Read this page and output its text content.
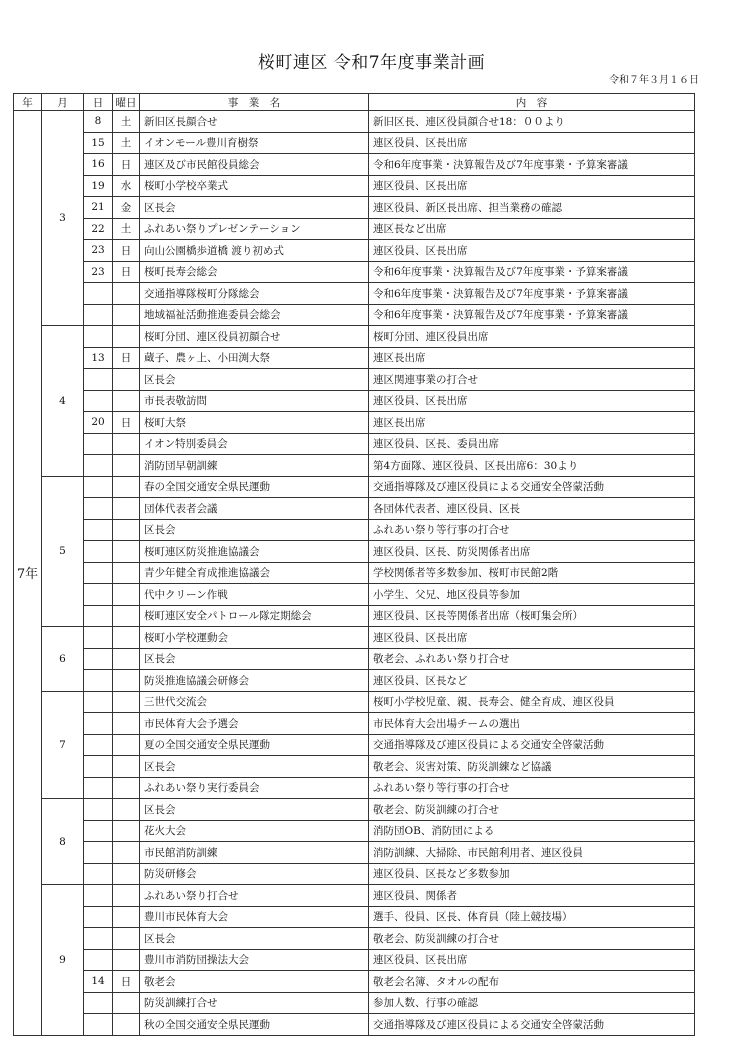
桜町連区 令和7年度事業計画
令和７年３月１６日
年	月	日	曜日	事　業　名	内　容
7年	3	8	土	新旧区長顔合せ	新旧区長、連区役員顔合せ18：００より
		15	土	イオンモール豊川育樹祭	連区役員、区長出席
		16	日	連区及び市民館役員総会	令和6年度事業・決算報告及び7年度事業・予算案審議
		19	水	桜町小学校卒業式	連区役員、区長出席
		21	金	区長会	連区役員、新区長出席、担当業務の確認
		22	土	ふれあい祭りプレゼンテーション	連区長など出席
		23	日	向山公園橋歩道橋 渡り初め式	連区役員、区長出席
		23	日	桜町長寿会総会	令和6年度事業・決算報告及び7年度事業・予算案審議
				交通指導隊桜町分隊総会	令和6年度事業・決算報告及び7年度事業・予算案審議
				地域福祉活動推進委員会総会	令和6年度事業・決算報告及び7年度事業・予算案審議
	4			桜町分団、連区役員初顔合せ	桜町分団、連区役員出席
		13	日	蔵子、農ヶ上、小田渕大祭	連区長出席
				区長会	連区関連事業の打合せ
				市長表敬訪問	連区役員、区長出席
		20	日	桜町大祭	連区長出席
				イオン特別委員会	連区役員、区長、委員出席
				消防団早朝訓練	第4方面隊、連区役員、区長出席6：30より
	5			春の全国交通安全県民運動	交通指導隊及び連区役員による交通安全啓蒙活動
				団体代表者会議	各団体代表者、連区役員、区長
				区長会	ふれあい祭り等行事の打合せ
				桜町連区防災推進協議会	連区役員、区長、防災関係者出席
				青少年健全育成推進協議会	学校関係者等多数参加、桜町市民館2階
				代中クリーン作戦	小学生、父兄、地区役員等参加
				桜町連区安全パトロール隊定期総会	連区役員、区長等関係者出席（桜町集会所）
	6			桜町小学校運動会	連区役員、区長出席
				区長会	敬老会、ふれあい祭り打合せ
				防災推進協議会研修会	連区役員、区長など
	7			三世代交流会	桜町小学校児童、親、長寿会、健全育成、連区役員
				市民体育大会予選会	市民体育大会出場チームの選出
				夏の全国交通安全県民運動	交通指導隊及び連区役員による交通安全啓蒙活動
				区長会	敬老会、災害対策、防災訓練など協議
				ふれあい祭り実行委員会	ふれあい祭り等行事の打合せ
	8			区長会	敬老会、防災訓練の打合せ
				花火大会	消防団OB、消防団による
				市民館消防訓練	消防訓練、大掃除、市民館利用者、連区役員
				防災研修会	連区役員、区長など多数参加
	9			ふれあい祭り打合せ	連区役員、関係者
				豊川市民体育大会	選手、役員、区長、体育員（陸上競技場）
				区長会	敬老会、防災訓練の打合せ
				豊川市消防団操法大会	連区役員、区長出席
		14	日	敬老会	敬老会名簿、タオルの配布
				防災訓練打合せ	参加人数、行事の確認
				秋の全国交通安全県民運動	交通指導隊及び連区役員による交通安全啓蒙活動
